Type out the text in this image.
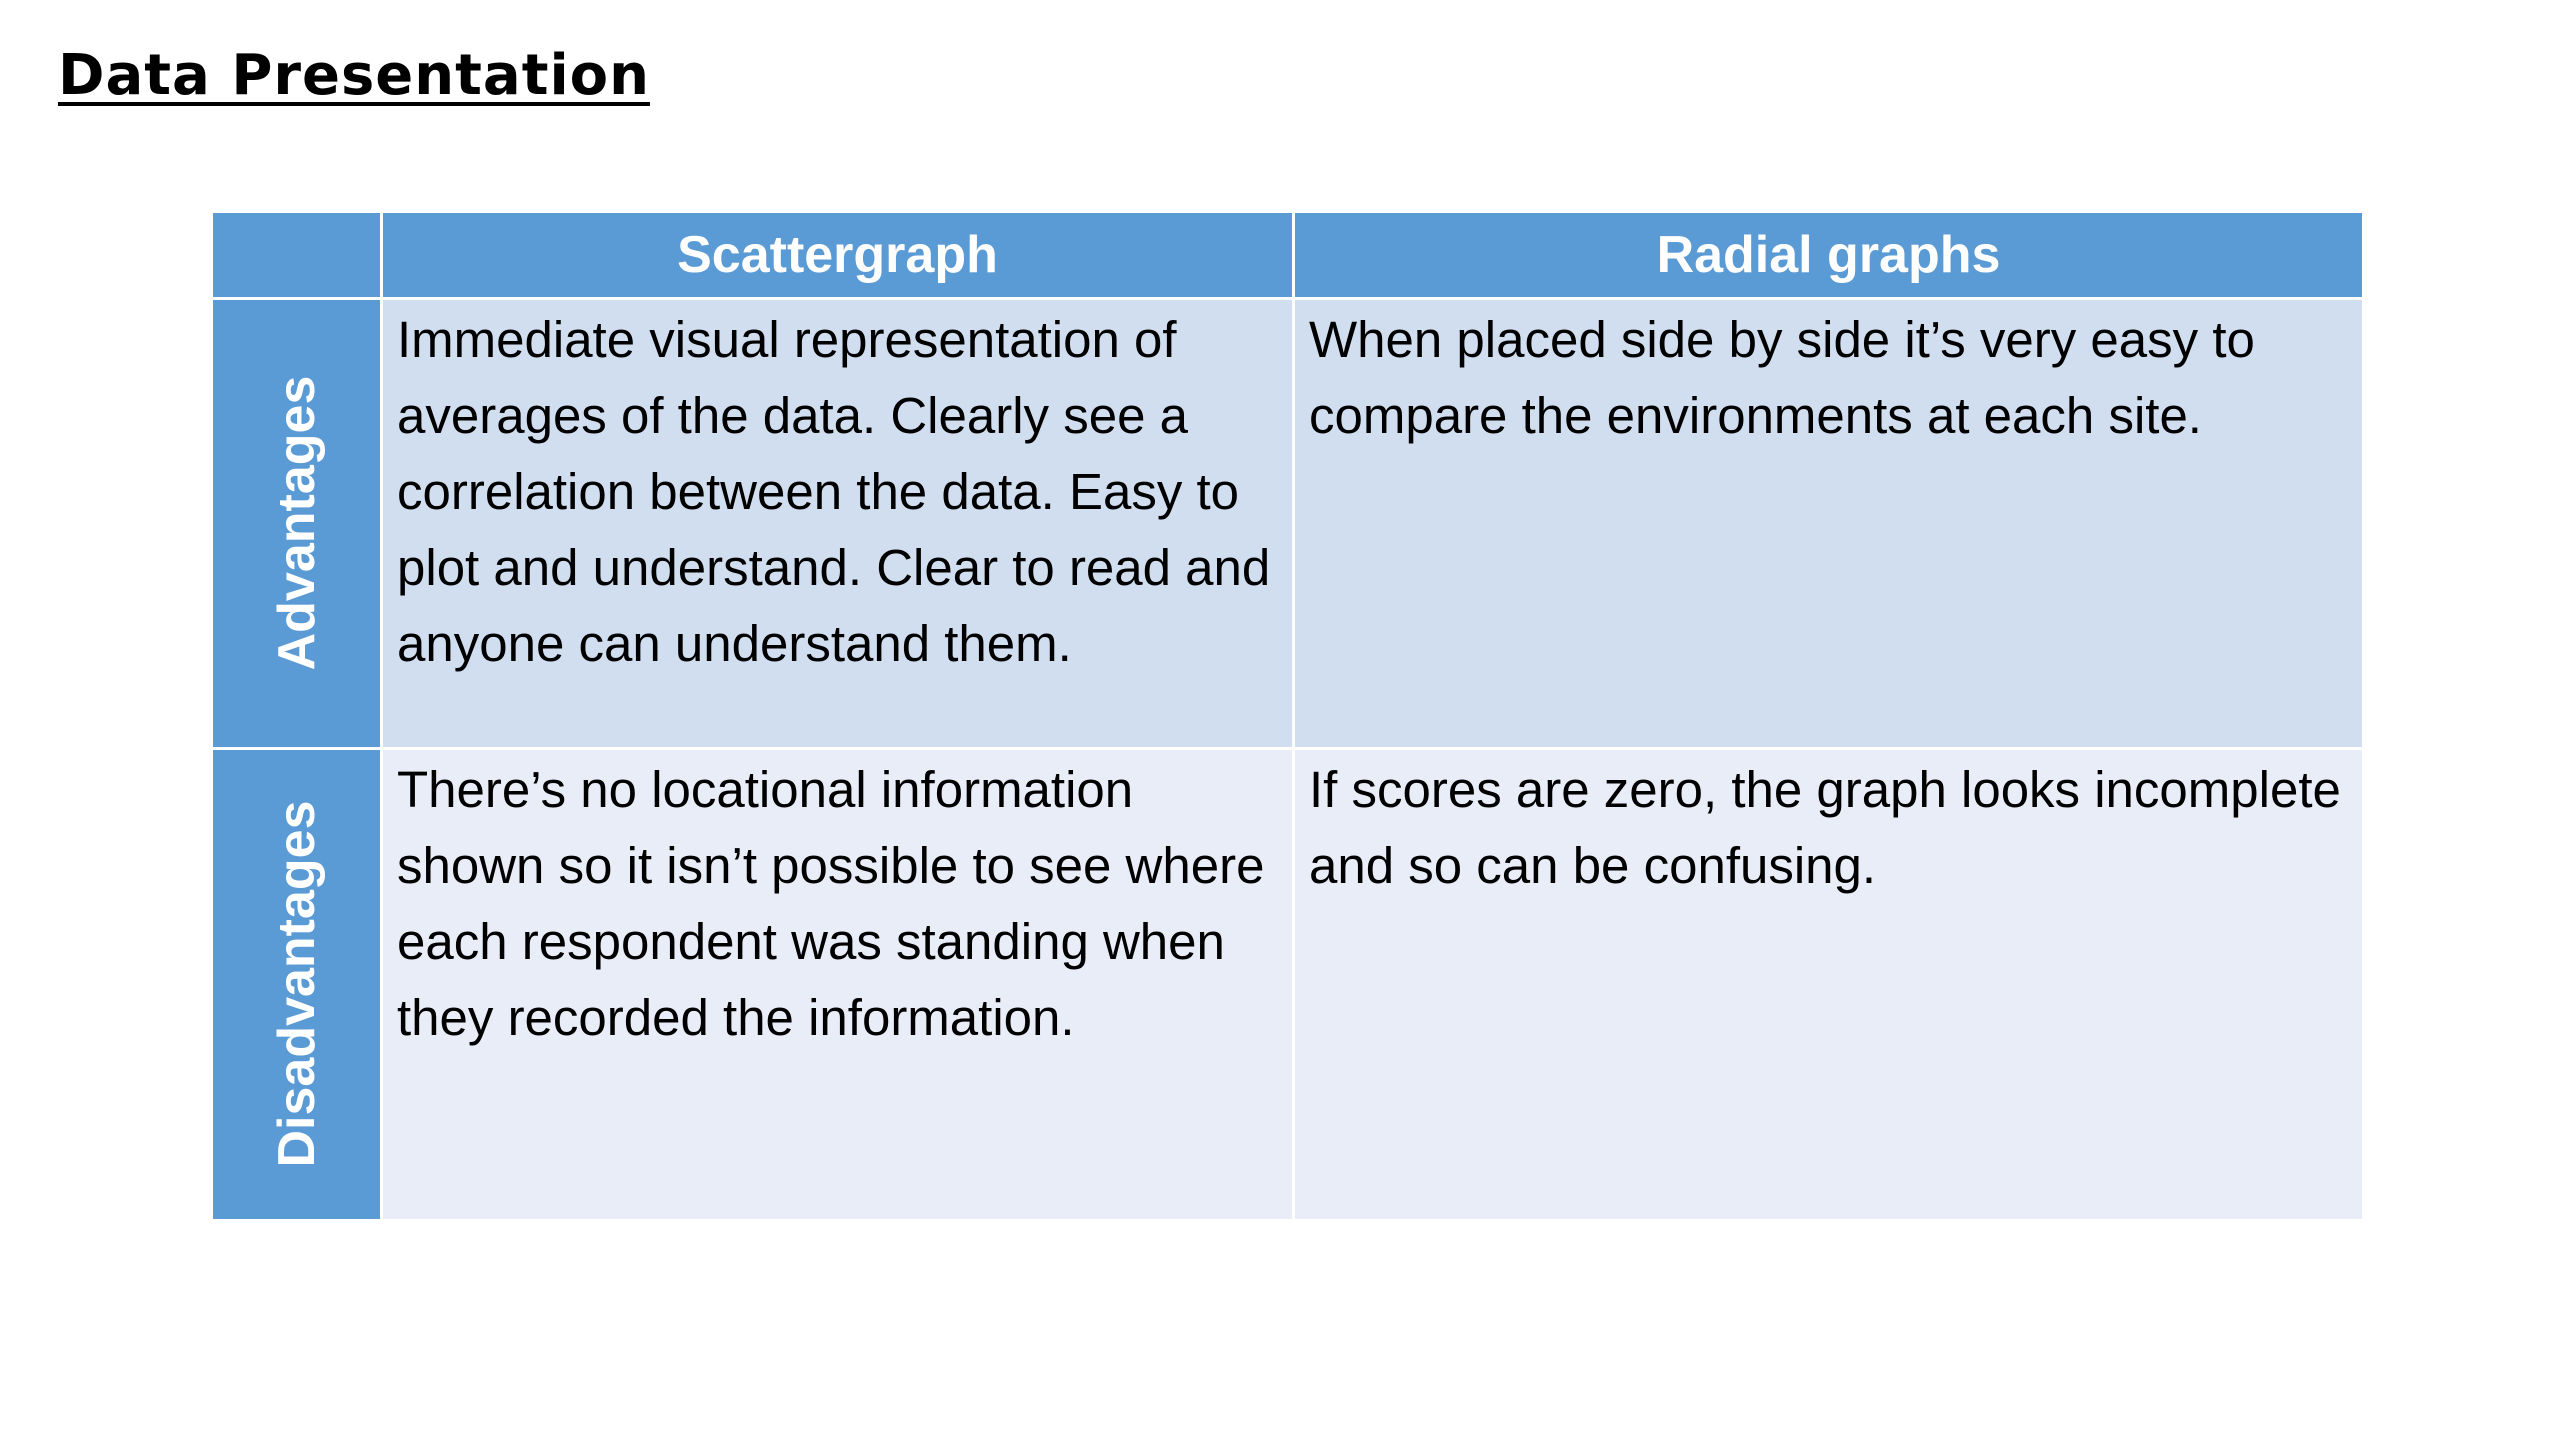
Data Presentation
	Scattergraph	Radial graphs

Advantages	Immediate visual representation of averages of the data. Clearly see a correlation between the data. Easy to plot and understand. Clear to read and anyone can understand them.	When placed side by side it’s very easy to compare the environments at each site.

Disadvantages	There’s no locational information shown so it isn’t possible to see where each respondent was standing when they recorded the information.	If scores are zero, the graph looks incomplete and so can be confusing.
